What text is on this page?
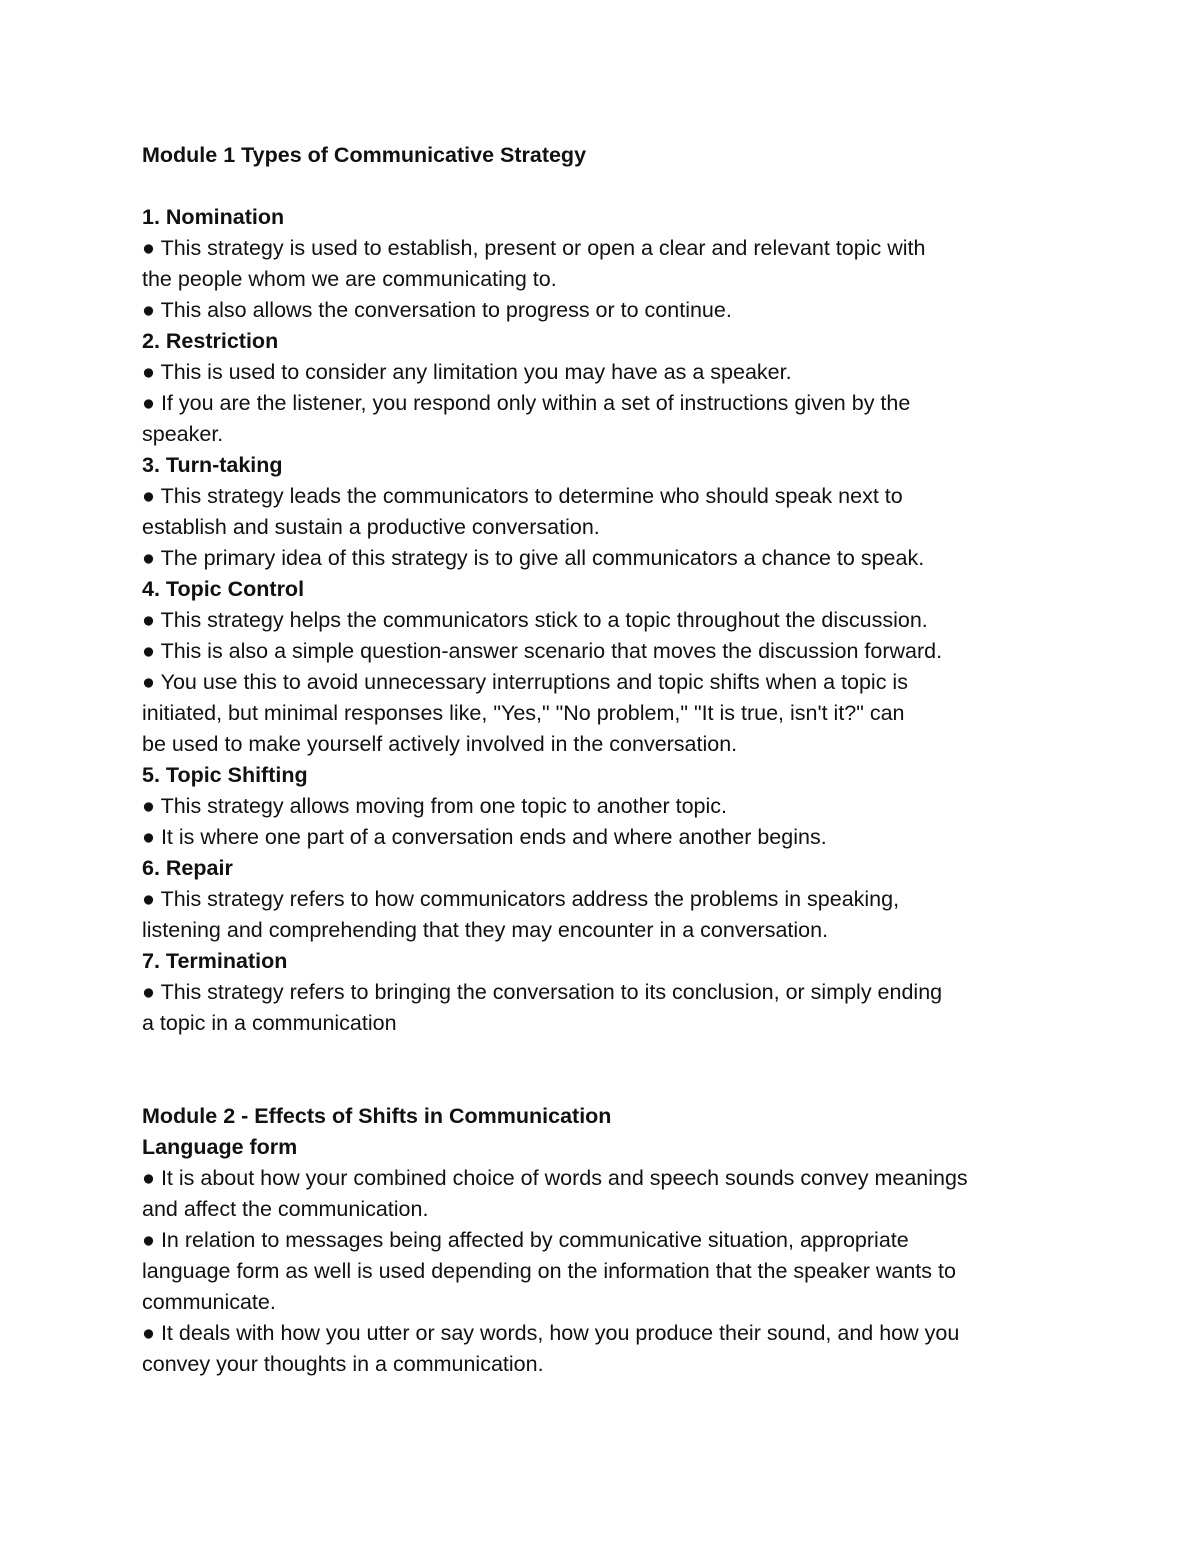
Module 1 Types of Communicative Strategy

1. Nomination

● This strategy is used to establish, present or open a clear and relevant topic with

the people whom we are communicating to.

● This also allows the conversation to progress or to continue.

2. Restriction

● This is used to consider any limitation you may have as a speaker.

● If you are the listener, you respond only within a set of instructions given by the

speaker.

3. Turn-taking

● This strategy leads the communicators to determine who should speak next to

establish and sustain a productive conversation.

● The primary idea of this strategy is to give all communicators a chance to speak.

4. Topic Control

● This strategy helps the communicators stick to a topic throughout the discussion.

● This is also a simple question-answer scenario that moves the discussion forward.

● You use this to avoid unnecessary interruptions and topic shifts when a topic is

initiated, but minimal responses like, "Yes," "No problem," "It is true, isn't it?" can

be used to make yourself actively involved in the conversation.

5. Topic Shifting

● This strategy allows moving from one topic to another topic.

● It is where one part of a conversation ends and where another begins.

6. Repair

● This strategy refers to how communicators address the problems in speaking,

listening and comprehending that they may encounter in a conversation.

7. Termination

● This strategy refers to bringing the conversation to its conclusion, or simply ending

a topic in a communication

Module 2 - Effects of Shifts in Communication

Language form

● It is about how your combined choice of words and speech sounds convey meanings

and affect the communication.

● In relation to messages being affected by communicative situation, appropriate

language form as well is used depending on the information that the speaker wants to

communicate.

● It deals with how you utter or say words, how you produce their sound, and how you

convey your thoughts in a communication.
